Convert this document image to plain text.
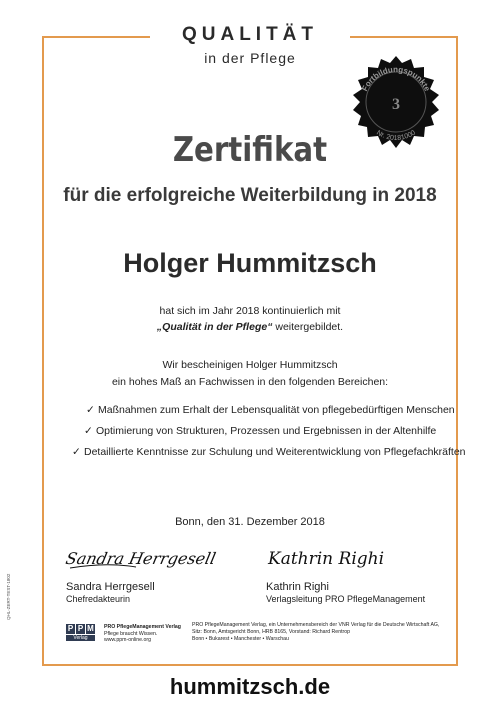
QUALITÄT
in der Pflege
Fortbildungspunkte
3
Nr. 20181000
Zertifikat
für die erfolgreiche Weiterbildung in 2018
Holger Hummitzsch
hat sich im Jahr 2018 kontinuierlich mit
„Qualität in der Pflege“ weitergebildet.
Wir bescheinigen Holger Hummitzsch
ein hohes Maß an Fachwissen in den folgenden Bereichen:
✓ Maßnahmen zum Erhalt der Lebensqualität von pflegebedürftigen Menschen
✓ Optimierung von Strukturen, Prozessen und Ergebnissen in der Altenhilfe
✓ Detaillierte Kenntnisse zur Schulung und Weiterentwicklung von Pflegefachkräften
Bonn, den 31. Dezember 2018
Sandra Herrgesell
Sandra Herrgesell
Chefredakteurin
Kathrin Righi
Kathrin Righi
Verlagsleitung PRO PflegeManagement
P P M
Verlag
PRO PflegeManagement Verlag
Pflege braucht Wissen.
www.ppm-online.org
PRO PflegeManagement Verlag, ein Unternehmensbereich der VNR Verlag für die Deutsche Wirtschaft AG,
Sitz: Bonn, Amtsgericht Bonn, HRB 8165, Vorstand: Richard Rentrop
Bonn • Bukarest • Manchester • Warschau
QHL-ZERT-TEST-1802
hummitzsch.de
